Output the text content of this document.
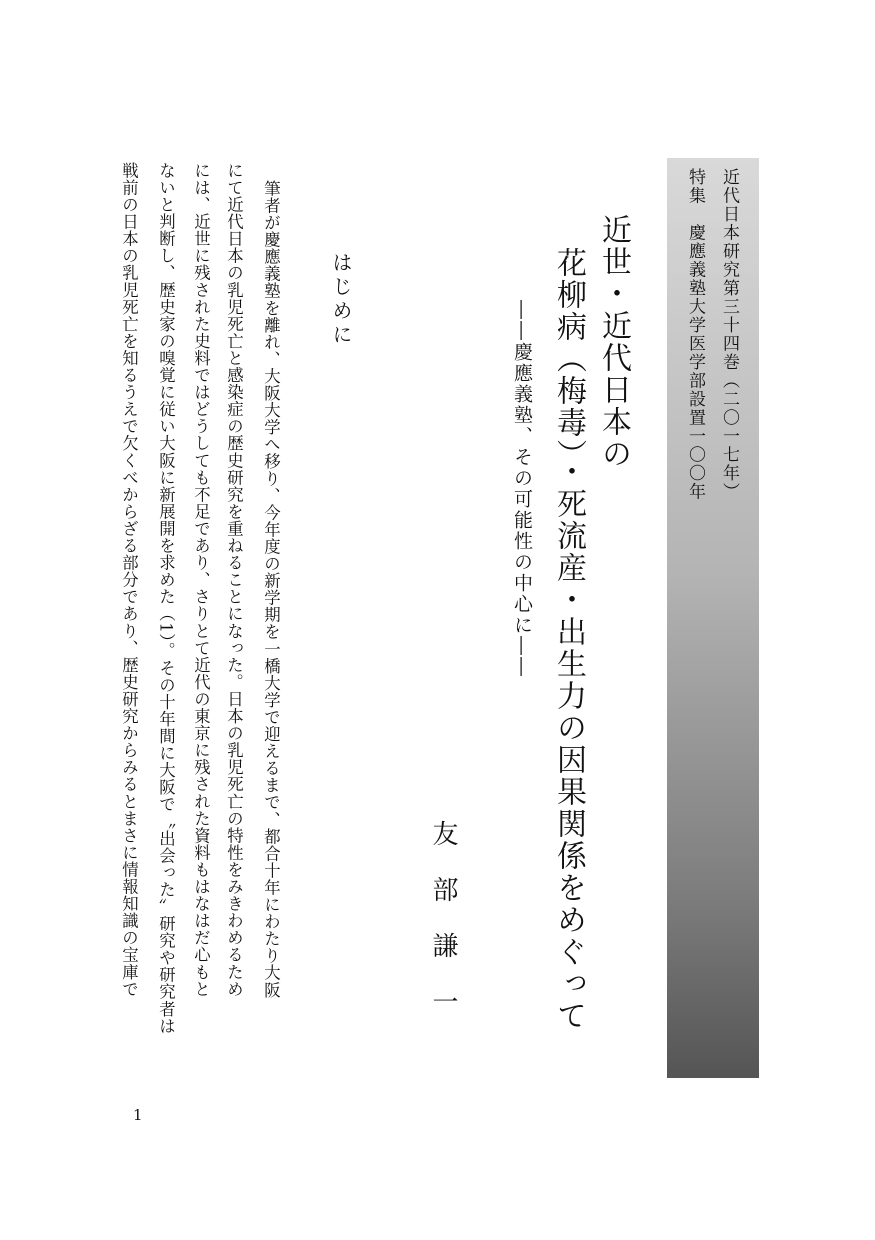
近代日本研究第三十四巻（二〇一七年）
特集　慶應義塾大学医学部設置一〇〇年
近世・近代日本の
花柳病（梅毒）・死流産・出生力の因果関係をめぐって
――慶應義塾、その可能性の中心に――
友部謙一
はじめに
筆者が慶應義塾を離れ、大阪大学へ移り、今年度の新学期を一橋大学で迎えるまで、都合十年にわたり大阪
にて近代日本の乳児死亡と感染症の歴史研究を重ねることになった。日本の乳児死亡の特性をみきわめるため
には、近世に残された史料ではどうしても不足であり、さりとて近代の東京に残された資料もはなはだ心もと
ないと判断し、歴史家の嗅覚に従い大阪に新展開を求めた（1）。その十年間に大阪で〝出会った〟研究や研究者は
戦前の日本の乳児死亡を知るうえで欠くべからざる部分であり、歴史研究からみるとまさに情報知識の宝庫で
1
